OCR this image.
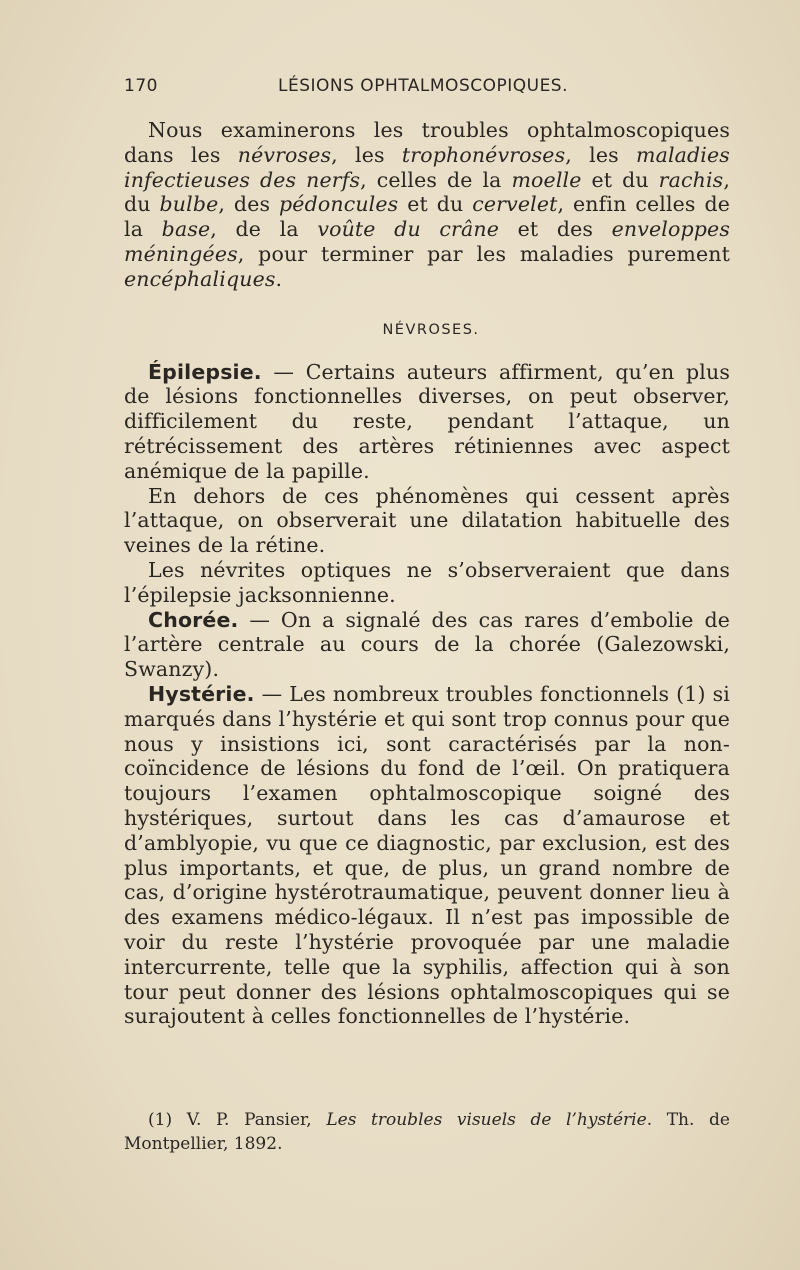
170	LÉSIONS OPHTALMOSCOPIQUES.

Nous examinerons les troubles ophtalmoscopiques dans les névroses, les trophonévroses, les maladies infectieuses des nerfs, celles de la moelle et du rachis, du bulbe, des pédoncules et du cervelet, enfin celles de la base, de la voûte du crâne et des enveloppes méningées, pour terminer par les maladies purement encéphaliques.

NÉVROSES.

Épilepsie. — Certains auteurs affirment, qu’en plus de lésions fonctionnelles diverses, on peut observer, difficilement du reste, pendant l’attaque, un rétrécissement des artères rétiniennes avec aspect anémique de la papille.

En dehors de ces phénomènes qui cessent après l’attaque, on observerait une dilatation habituelle des veines de la rétine.

Les névrites optiques ne s’observeraient que dans l’épilepsie jacksonnienne.

Chorée. — On a signalé des cas rares d’embolie de l’artère centrale au cours de la chorée (Galezowski, Swanzy).

Hystérie. — Les nombreux troubles fonctionnels (1) si marqués dans l’hystérie et qui sont trop connus pour que nous y insistions ici, sont caractérisés par la non-coïncidence de lésions du fond de l’œil. On pratiquera toujours l’examen ophtalmoscopique soigné des hystériques, surtout dans les cas d’amaurose et d’amblyopie, vu que ce diagnostic, par exclusion, est des plus importants, et que, de plus, un grand nombre de cas, d’origine hystérotraumatique, peuvent donner lieu à des examens médico-légaux. Il n’est pas impossible de voir du reste l’hystérie provoquée par une maladie intercurrente, telle que la syphilis, affection qui à son tour peut donner des lésions ophtalmoscopiques qui se surajoutent à celles fonctionnelles de l’hystérie.

(1) V. P. Pansier, Les troubles visuels de l’hystérie. Th. de Montpellier, 1892.
